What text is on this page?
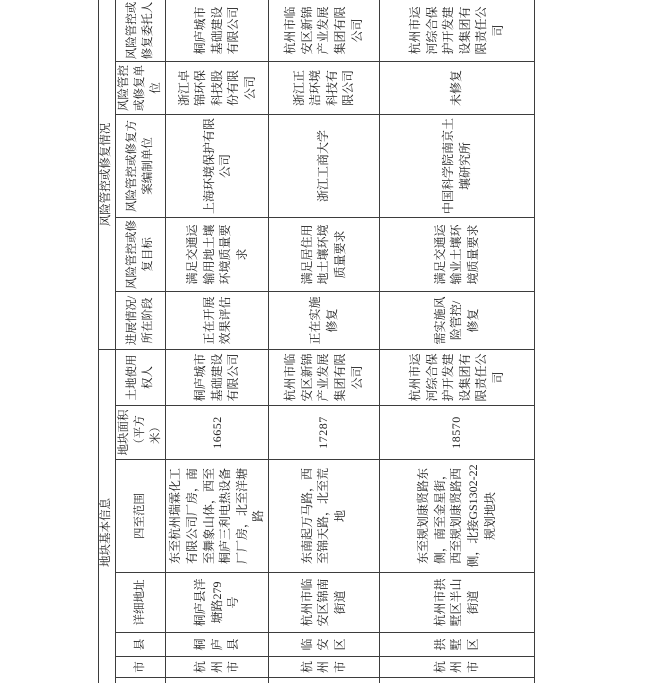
地块基本信息							风险管控或修复情况				
	市	县	详细地址	四至范围	地块面积（平方米）	土地使用权人	进展情况/所在阶段	风险管控或修复目标	风险管控或修复方案编制单位	风险管控或修复单位	风险管控或修复委托人
	杭州市	桐庐县	桐庐县洋塘路279号	东至杭州瑞霖化工有限公司厂房，南至舞象山体，西至桐庐三利电热设备厂厂房，北至洋塘路	16652	桐庐城市基础建设有限公司	正在开展效果评估	满足交通运输用地土壤环境质量要求	上海环境保护有限公司	浙江卓锦环保科技股份有限公司	桐庐城市基础建设有限公司
	杭州市	临安区	杭州市临安区锦南街道	东南起万马路，西至锦天路，北至荒地	17287	杭州市临安区新锦产业发展集团有限公司	正在实施修复	满足居住用地土壤环境质量要求	浙江工商大学	浙江正洁环境科技有限公司	杭州市临安区新锦产业发展集团有限公司
	杭州市	拱墅区	杭州市拱墅区半山街道	东至规划康贤路东侧，南至金星街，西至规划康贤路西侧，北接GS1302-22规划地块	18570	杭州市运河综合保护开发建设集团有限责任公司	需实施风险管控/修复	满足交通运输业土壤环境质量要求	中国科学院南京土壤研究所	未修复	杭州市运河综合保护开发建设集团有限责任公司
